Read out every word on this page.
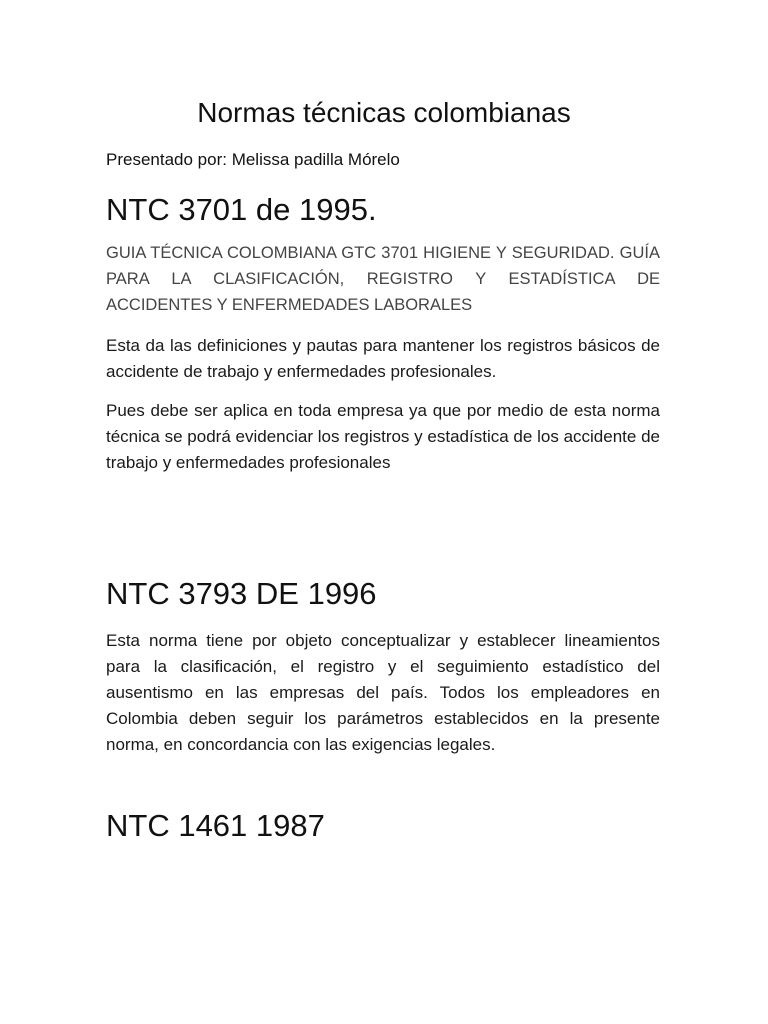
Normas técnicas colombianas
Presentado por: Melissa padilla Mórelo
NTC 3701 de 1995.
GUIA TÉCNICA COLOMBIANA GTC 3701 HIGIENE Y SEGURIDAD. GUÍA PARA LA CLASIFICACIÓN, REGISTRO Y ESTADÍSTICA DE ACCIDENTES Y ENFERMEDADES LABORALES
Esta da las definiciones y pautas para mantener los registros básicos de accidente de trabajo y enfermedades profesionales.
Pues debe ser aplica en toda empresa ya que por medio de esta norma técnica se podrá evidenciar los registros y estadística de los accidente de trabajo y enfermedades profesionales
NTC 3793 DE 1996
Esta norma tiene por objeto conceptualizar y establecer lineamientos para la clasificación, el registro y el seguimiento estadístico del ausentismo en las empresas del país. Todos los empleadores en Colombia deben seguir los parámetros establecidos en la presente norma, en concordancia con las exigencias legales.
NTC 1461 1987
